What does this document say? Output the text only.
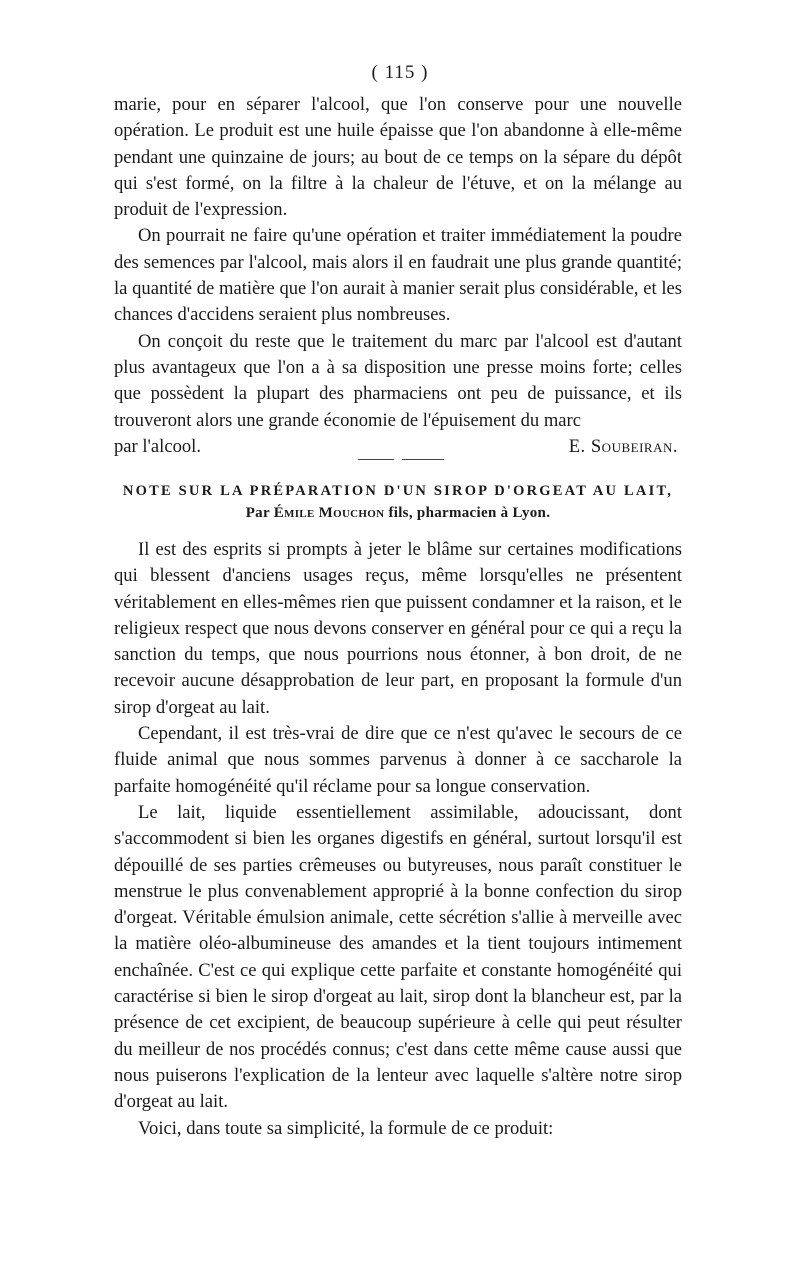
( 115 )

marie, pour en séparer l'alcool, que l'on conserve pour une nouvelle opération. Le produit est une huile épaisse que l'on abandonne à elle-même pendant une quinzaine de jours; au bout de ce temps on la sépare du dépôt qui s'est formé, on la filtre à la chaleur de l'étuve, et on la mélange au produit de l'expression.

On pourrait ne faire qu'une opération et traiter immédiatement la poudre des semences par l'alcool, mais alors il en faudrait une plus grande quantité; la quantité de matière que l'on aurait à manier serait plus considérable, et les chances d'accidens seraient plus nombreuses.

On conçoit du reste que le traitement du marc par l'alcool est d'autant plus avantageux que l'on a à sa disposition une presse moins forte; celles que possèdent la plupart des pharmaciens ont peu de puissance, et ils trouveront alors une grande économie de l'épuisement du marc

par l'alcool.	E. Soubeiran.
NOTE SUR LA PRÉPARATION D'UN SIROP D'ORGEAT AU LAIT,
Par Émile Mouchon fils, pharmacien à Lyon.

Il est des esprits si prompts à jeter le blâme sur certaines modifications qui blessent d'anciens usages reçus, même lorsqu'elles ne présentent véritablement en elles-mêmes rien que puissent condamner et la raison, et le religieux respect que nous devons conserver en général pour ce qui a reçu la sanction du temps, que nous pourrions nous étonner, à bon droit, de ne recevoir aucune désapprobation de leur part, en proposant la formule d'un sirop d'orgeat au lait.

Cependant, il est très-vrai de dire que ce n'est qu'avec le secours de ce fluide animal que nous sommes parvenus à donner à ce saccharole la parfaite homogénéité qu'il réclame pour sa longue conservation.

Le lait, liquide essentiellement assimilable, adoucissant, dont s'accommodent si bien les organes digestifs en général, surtout lorsqu'il est dépouillé de ses parties crêmeuses ou butyreuses, nous paraît constituer le menstrue le plus convenablement approprié à la bonne confection du sirop d'orgeat. Véritable émulsion animale, cette sécrétion s'allie à merveille avec la matière oléo-albumineuse des amandes et la tient toujours intimement enchaînée. C'est ce qui explique cette parfaite et constante homogénéité qui caractérise si bien le sirop d'orgeat au lait, sirop dont la blancheur est, par la présence de cet excipient, de beaucoup supérieure à celle qui peut résulter du meilleur de nos procédés connus; c'est dans cette même cause aussi que nous puiserons l'explication de la lenteur avec laquelle s'altère notre sirop d'orgeat au lait.

Voici, dans toute sa simplicité, la formule de ce produit:
